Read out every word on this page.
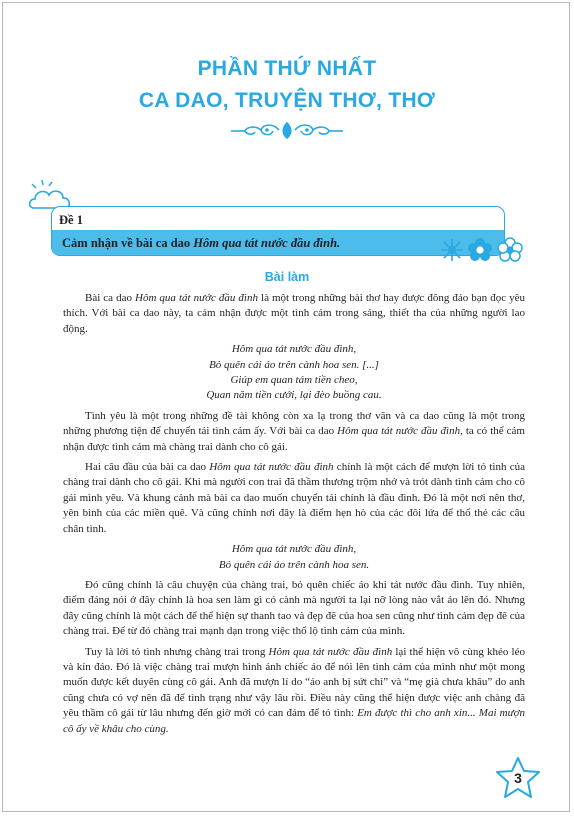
PHẦN THỨ NHẤT
CA DAO, TRUYỆN THƠ, THƠ
Đề 1
Cảm nhận về bài ca dao Hôm qua tát nước đầu đình.
Bài làm

Bài ca dao Hôm qua tát nước đầu đình là một trong những bài thơ hay được đông đảo bạn đọc yêu thích. Với bài ca dao này, ta cảm nhận được một tình cảm trong sáng, thiết tha của những người lao động.

Hôm qua tát nước đầu đình,
Bỏ quên cái áo trên cành hoa sen. [...]
Giúp em quan tám tiền cheo,
Quan năm tiền cưới, lại đèo buồng cau.

Tình yêu là một trong những đề tài không còn xa lạ trong thơ văn và ca dao cũng là một trong những phương tiện để chuyển tải tình cảm ấy. Với bài ca dao Hôm qua tát nước đầu đình, ta có thể cảm nhận được tình cảm mà chàng trai dành cho cô gái.

Hai câu đầu của bài ca dao Hôm qua tát nước đầu đình chính là một cách để mượn lời tỏ tình của chàng trai dành cho cô gái. Khi mà người con trai đã thầm thương trộm nhớ và trót dành tình cảm cho cô gái mình yêu. Và khung cảnh mà bài ca dao muốn chuyển tải chính là đầu đình. Đó là một nơi nên thơ, yên bình của các miền quê. Và cũng chính nơi đây là điểm hẹn hò của các đôi lứa để thổ thẻ các câu chân tình.

Hôm qua tát nước đầu đình,
Bỏ quên cái áo trên cành hoa sen.

Đó cũng chính là câu chuyện của chàng trai, bỏ quên chiếc áo khi tát nước đầu đình. Tuy nhiên, điểm đáng nói ở đây chính là hoa sen làm gì có cành mà người ta lại nỡ lòng nào vắt áo lên đó. Nhưng đây cũng chính là một cách để thể hiện sự thanh tao và đẹp đẽ của hoa sen cũng như tình cảm đẹp đẽ của chàng trai. Để từ đó chàng trai mạnh dạn trong việc thổ lộ tình cảm của mình.

Tuy là lời tỏ tình nhưng chàng trai trong Hôm qua tát nước đầu đình lại thể hiện vô cùng khéo léo và kín đáo. Đó là việc chàng trai mượn hình ảnh chiếc áo để nói lên tình cảm của mình như một mong muốn được kết duyên cùng cô gái. Anh đã mượn lí do “áo anh bị sứt chỉ” và “mẹ già chưa khâu” do anh cũng chưa có vợ nên đã để tình trạng như vậy lâu rồi. Điều này cũng thể hiện được việc anh chàng đã yêu thầm cô gái từ lâu nhưng đến giờ mới có can đảm để tỏ tình: Em được thì cho anh xin... Mai mượn cô ấy về khâu cho cùng.

3
